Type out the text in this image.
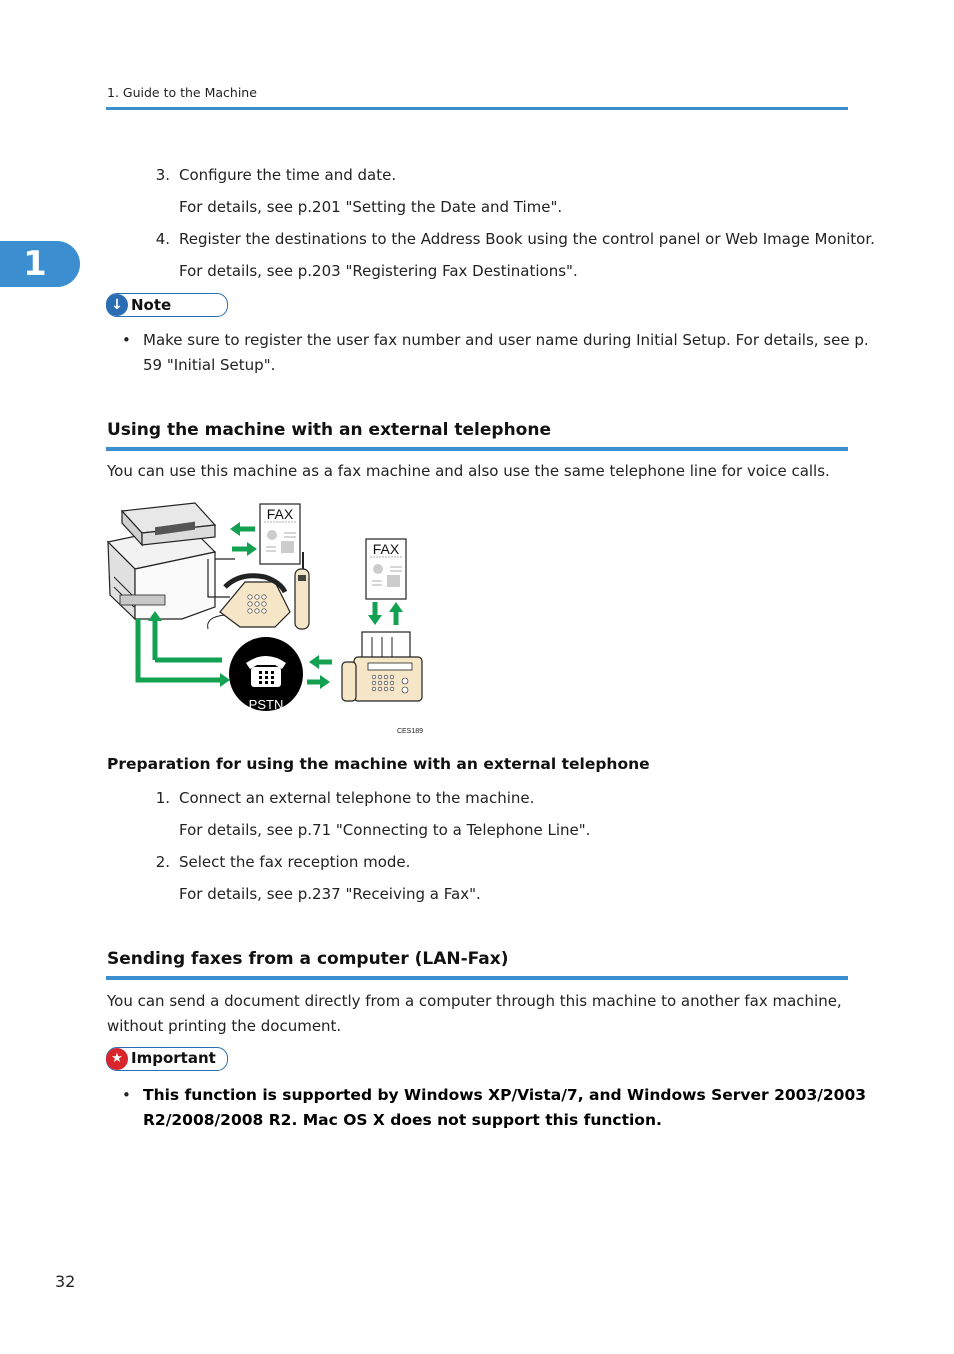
1. Guide to the Machine
1
3. Configure the time and date.
For details, see p.201 "Setting the Date and Time".
4. Register the destinations to the Address Book using the control panel or Web Image Monitor.
For details, see p.203 "Registering Fax Destinations".
↓ Note
• Make sure to register the user fax number and user name during Initial Setup. For details, see p.
59 "Initial Setup".
Using the machine with an external telephone
You can use this machine as a fax machine and also use the same telephone line for voice calls.
FAX
FAX
PSTN
CES189
Preparation for using the machine with an external telephone
1. Connect an external telephone to the machine.
For details, see p.71 "Connecting to a Telephone Line".
2. Select the fax reception mode.
For details, see p.237 "Receiving a Fax".
Sending faxes from a computer (LAN-Fax)
You can send a document directly from a computer through this machine to another fax machine,
without printing the document.
★ Important
• This function is supported by Windows XP/Vista/7, and Windows Server 2003/2003
R2/2008/2008 R2. Mac OS X does not support this function.
32
